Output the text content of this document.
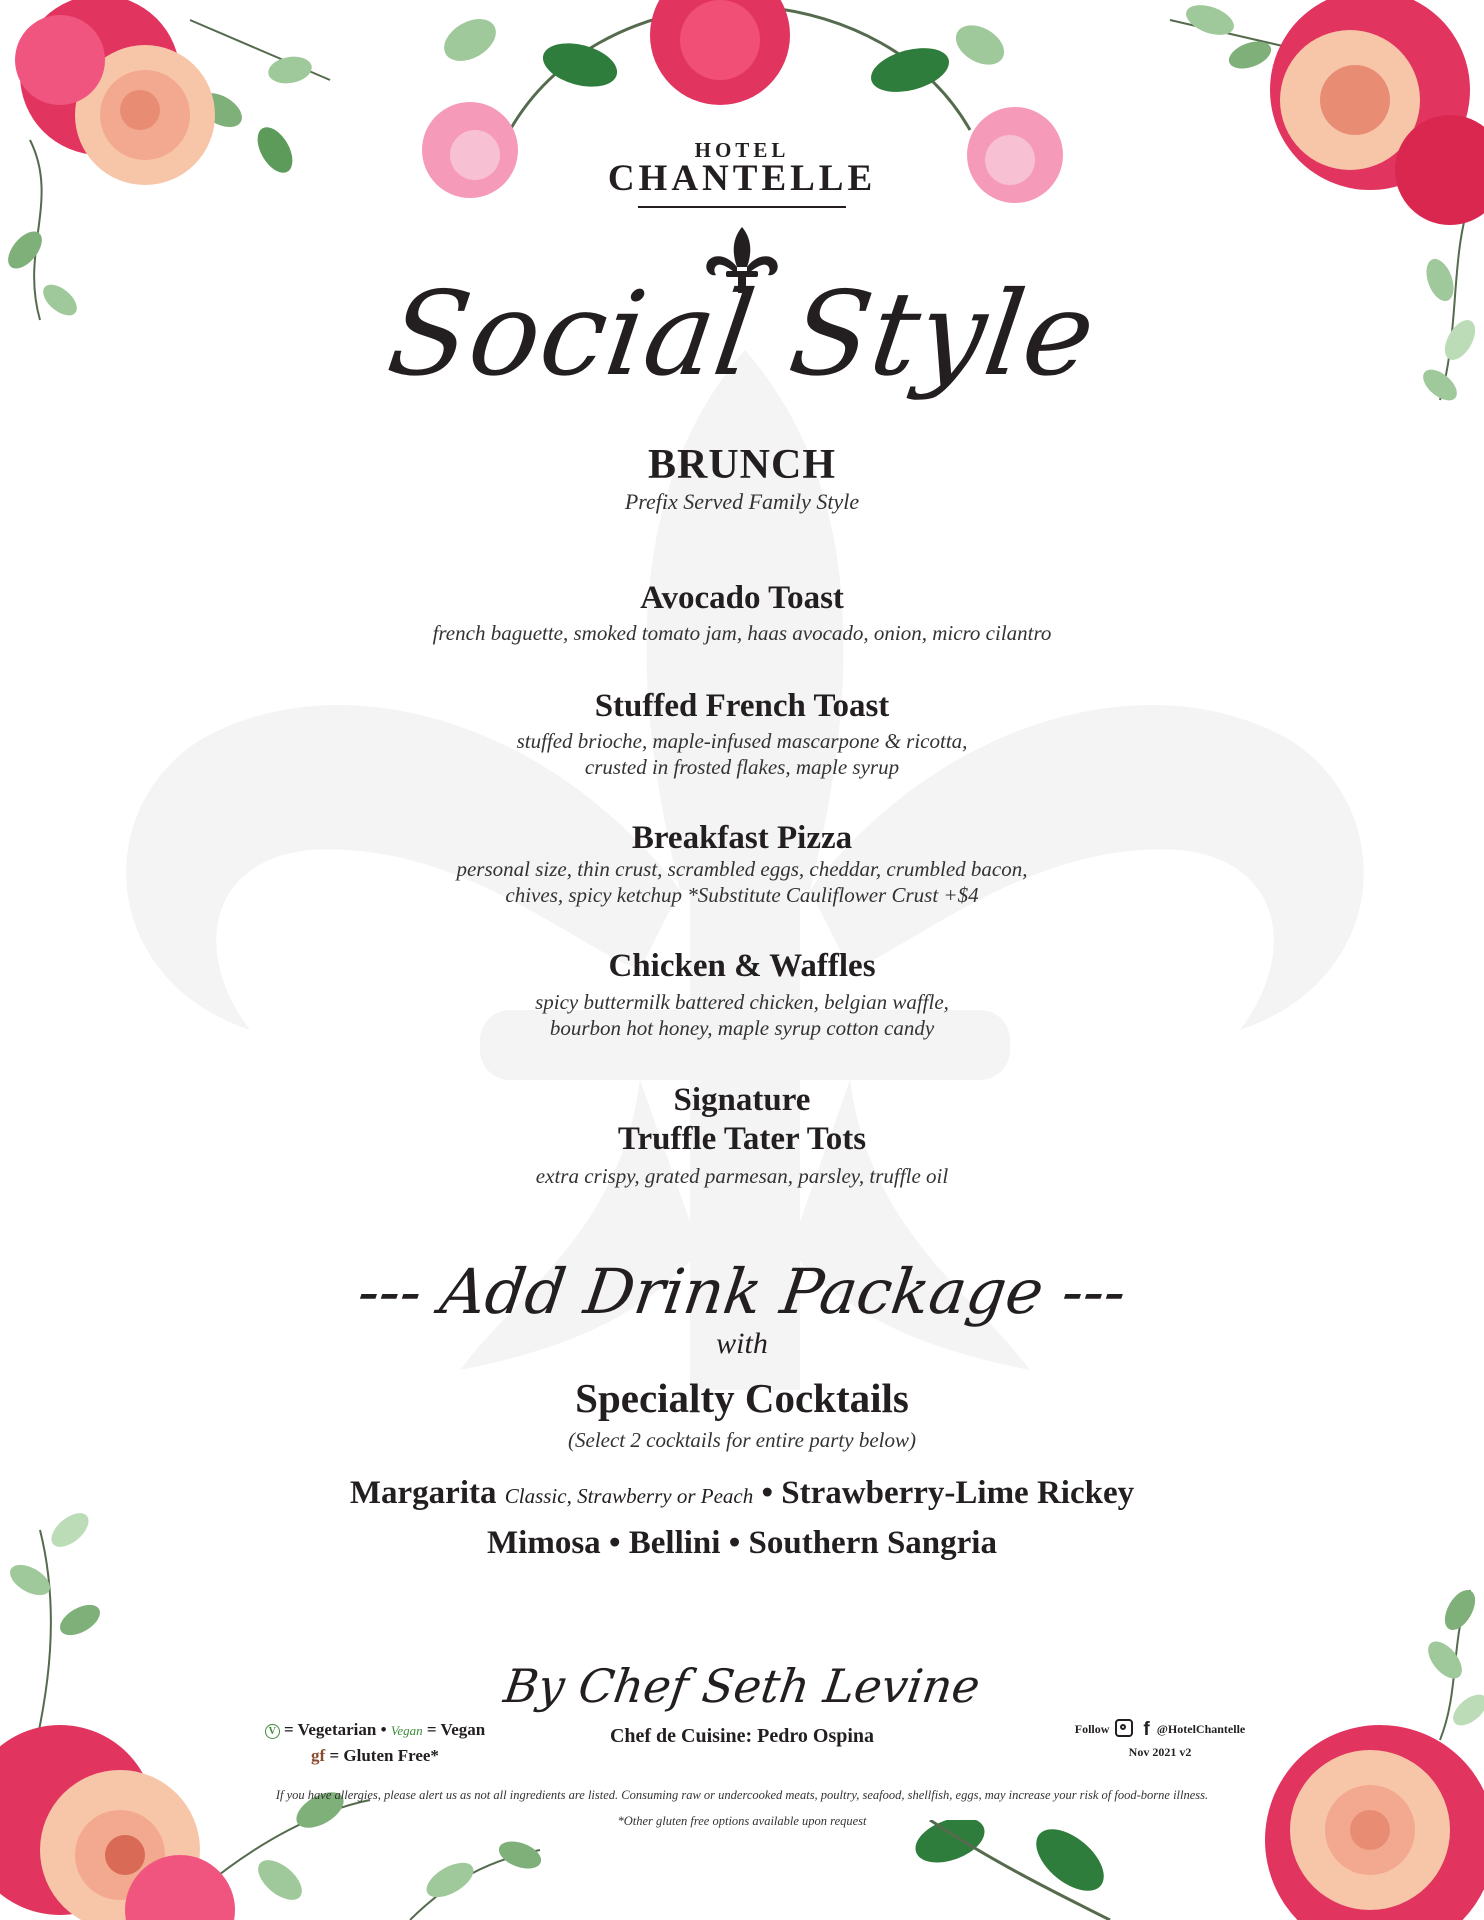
HOTEL
CHANTELLE
Social Style
BRUNCH
Prefix Served Family Style
Avocado Toast
french baguette, smoked tomato jam, haas avocado, onion, micro cilantro
Stuffed French Toast
stuffed brioche, maple-infused mascarpone & ricotta,
crusted in frosted flakes, maple syrup
Breakfast Pizza
personal size, thin crust, scrambled eggs, cheddar, crumbled bacon,
chives, spicy ketchup *Substitute Cauliflower Crust +$4
Chicken & Waffles
spicy buttermilk battered chicken, belgian waffle,
bourbon hot honey, maple syrup cotton candy
Signature
Truffle Tater Tots
extra crispy, grated parmesan, parsley, truffle oil
--- Add Drink Package ---
with
Specialty Cocktails
(Select 2 cocktails for entire party below)
Margarita Classic, Strawberry or Peach • Strawberry-Lime Rickey
Mimosa • Bellini • Southern Sangria
By Chef Seth Levine
Chef de Cuisine: Pedro Ospina
V = Vegetarian • Vegan = Vegan
gf = Gluten Free*
Follow f @HotelChantelle
Nov 2021 v2
If you have allergies, please alert us as not all ingredients are listed. Consuming raw or undercooked meats, poultry, seafood, shellfish, eggs, may increase your risk of food-borne illness.
*Other gluten free options available upon request
